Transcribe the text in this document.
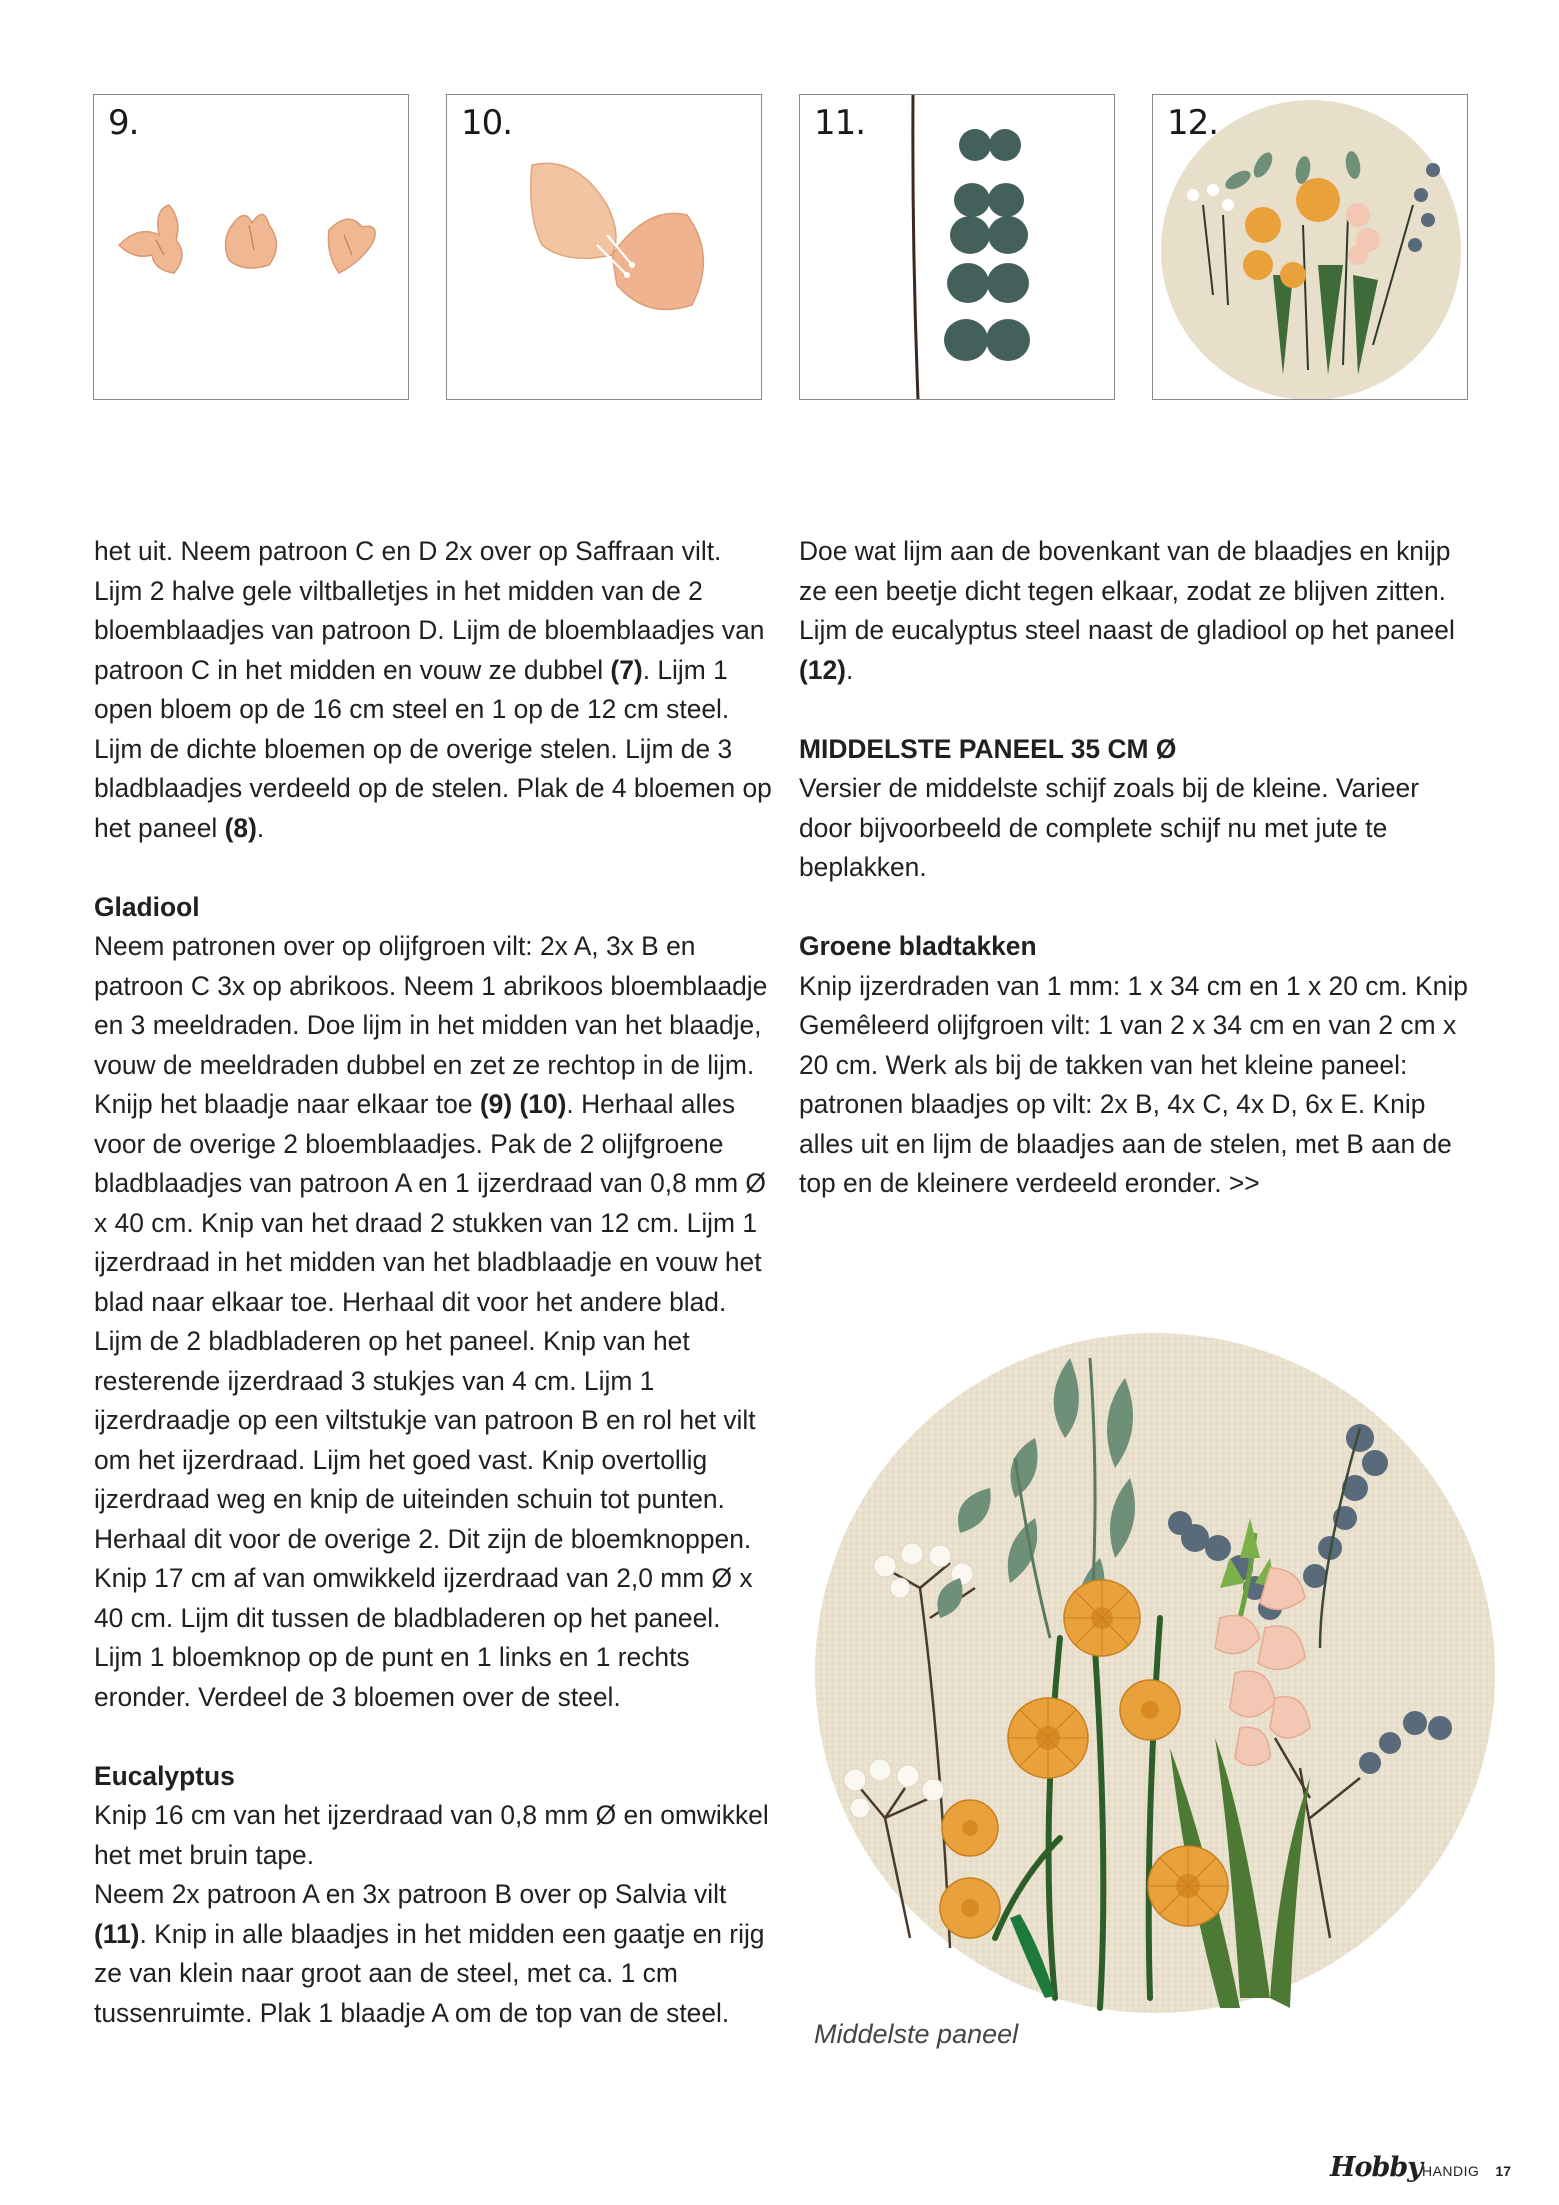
9.	10.	11.	12.

het uit. Neem patroon C en D 2x over op Saffraan vilt. Lijm 2 halve gele viltballetjes in het midden van de 2 bloemblaadjes van patroon D. Lijm de bloemblaadjes van patroon C in het midden en vouw ze dubbel (7). Lijm 1 open bloem op de 16 cm steel en 1 op de 12 cm steel. Lijm de dichte bloemen op de overige stelen. Lijm de 3 bladblaadjes verdeeld op de stelen. Plak de 4 bloemen op het paneel (8).

Gladiool

Neem patronen over op olijfgroen vilt: 2x A, 3x B en patroon C 3x op abrikoos. Neem 1 abrikoos bloemblaadje en 3 meeldraden. Doe lijm in het midden van het blaadje, vouw de meeldraden dubbel en zet ze rechtop in de lijm. Knijp het blaadje naar elkaar toe (9) (10). Herhaal alles voor de overige 2 bloemblaadjes. Pak de 2 olijfgroene bladblaadjes van patroon A en 1 ijzerdraad van 0,8 mm Ø x 40 cm. Knip van het draad 2 stukken van 12 cm. Lijm 1 ijzerdraad in het midden van het bladblaadje en vouw het blad naar elkaar toe. Herhaal dit voor het andere blad. Lijm de 2 bladbladeren op het paneel. Knip van het resterende ijzerdraad 3 stukjes van 4 cm. Lijm 1 ijzerdraadje op een viltstukje van patroon B en rol het vilt om het ijzerdraad. Lijm het goed vast. Knip overtollig ijzerdraad weg en knip de uiteinden schuin tot punten. Herhaal dit voor de overige 2. Dit zijn de bloemknoppen.

Knip 17 cm af van omwikkeld ijzerdraad van 2,0 mm Ø x 40 cm. Lijm dit tussen de bladbladeren op het paneel. Lijm 1 bloemknop op de punt en 1 links en 1 rechts eronder. Verdeel de 3 bloemen over de steel.

Eucalyptus

Knip 16 cm van het ijzerdraad van 0,8 mm Ø en omwikkel het met bruin tape.

Neem 2x patroon A en 3x patroon B over op Salvia vilt (11). Knip in alle blaadjes in het midden een gaatje en rijg ze van klein naar groot aan de steel, met ca. 1 cm tussenruimte. Plak 1 blaadje A om de top van de steel.

Doe wat lijm aan de bovenkant van de blaadjes en knijp ze een beetje dicht tegen elkaar, zodat ze blijven zitten. Lijm de eucalyptus steel naast de gladiool op het paneel (12).

MIDDELSTE PANEEL 35 CM Ø

Versier de middelste schijf zoals bij de kleine. Varieer door bijvoorbeeld de complete schijf nu met jute te beplakken.

Groene bladtakken

Knip ijzerdraden van 1 mm: 1 x 34 cm en 1 x 20 cm. Knip Gemêleerd olijfgroen vilt: 1 van 2 x 34 cm en van 2 cm x 20 cm. Werk als bij de takken van het kleine paneel: patronen blaadjes op vilt: 2x B, 4x C, 4x D, 6x E. Knip alles uit en lijm de blaadjes aan de stelen, met B aan de top en de kleinere verdeeld eronder. >>

Middelste paneel
Hobby HANDIG 17
